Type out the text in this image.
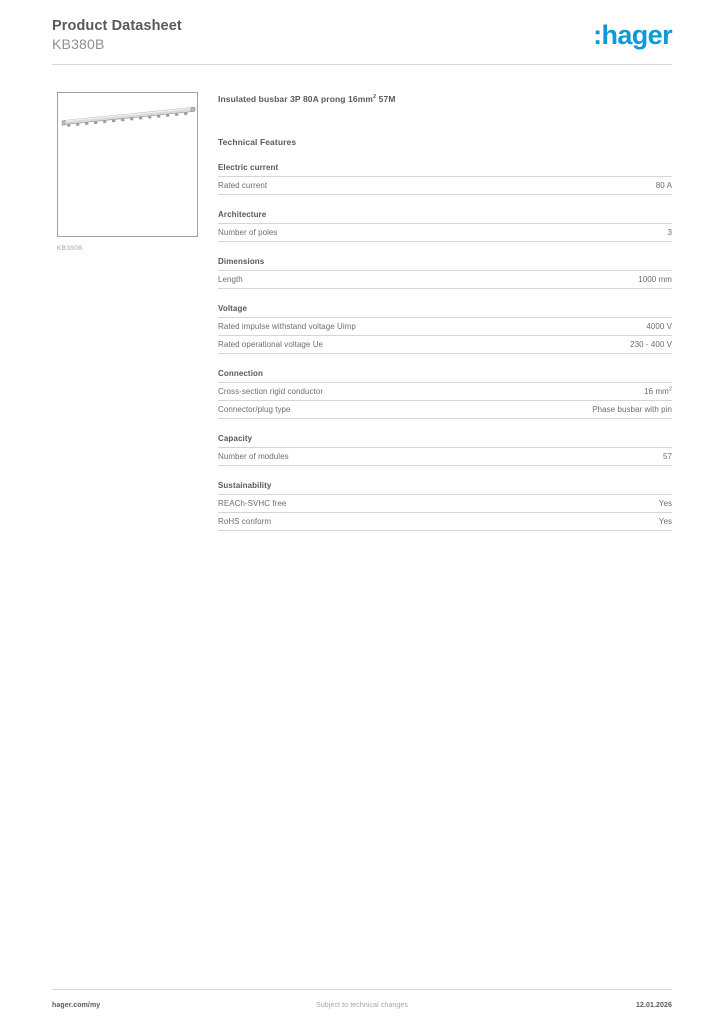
Product Datasheet
KB380B	:hager
KB380B
Insulated busbar 3P 80A prong $16mm^2$ 57M
Technical Features
Electric current
Rated current	80 A
Architecture
Number of poles	3
Dimensions
Length	1000 mm
Voltage
Rated impulse withstand voltage Uimp	4000 V
Rated operational voltage Ue	230 - 400 V
Connection
Cross-section rigid conductor	16 $mm^2$
Connector/plug type	Phase busbar with pin
Capacity
Number of modules	57
Sustainability
REACh-SVHC free	Yes
RoHS conform	Yes
hager.com/my	Subject to technical changes	12.01.2026
